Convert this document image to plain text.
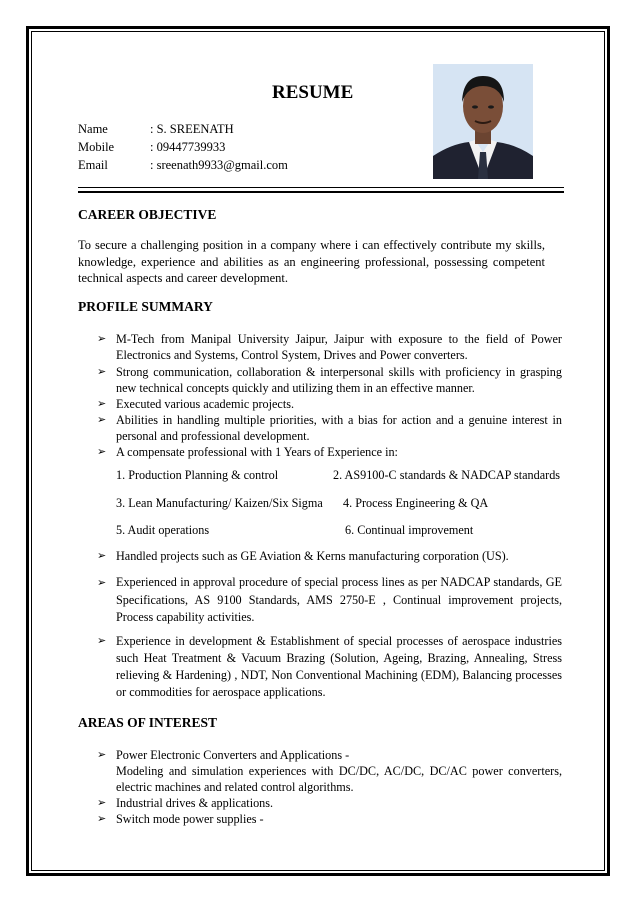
RESUME
Name	: S. SREENATH
Mobile	: 09447739933
Email	: sreenath9933@gmail.com
CAREER OBJECTIVE
To secure a challenging position in a company where i can effectively contribute my skills, knowledge, experience and abilities as an engineering professional, possessing competent technical aspects and career development.
PROFILE SUMMARY
➢ M-Tech from Manipal University Jaipur, Jaipur with exposure to the field of Power Electronics and Systems, Control System, Drives and Power converters.
➢ Strong communication, collaboration & interpersonal skills with proficiency in grasping new technical concepts quickly and utilizing them in an effective manner.
➢ Executed various academic projects.
➢ Abilities in handling multiple priorities, with a bias for action and a genuine interest in personal and professional development.
➢ A compensate professional with 1 Years of Experience in:
1. Production Planning & control	2. AS9100-C standards & NADCAP standards
3. Lean Manufacturing/ Kaizen/Six Sigma 4. Process Engineering & QA
5. Audit operations	6. Continual improvement
➢ Handled projects such as GE Aviation & Kerns manufacturing corporation (US).
➢ Experienced in approval procedure of special process lines as per NADCAP standards, GE Specifications, AS 9100 Standards, AMS 2750-E , Continual improvement projects, Process capability activities.
➢ Experience in development & Establishment of special processes of aerospace industries such Heat Treatment & Vacuum Brazing (Solution, Ageing, Brazing, Annealing, Stress relieving & Hardening) , NDT, Non Conventional Machining (EDM), Balancing processes or commodities for aerospace applications.
AREAS OF INTEREST
➢ Power Electronic Converters and Applications -
Modeling and simulation experiences with DC/DC, AC/DC, DC/AC power converters, electric machines and related control algorithms.
➢ Industrial drives & applications.
➢ Switch mode power supplies -
